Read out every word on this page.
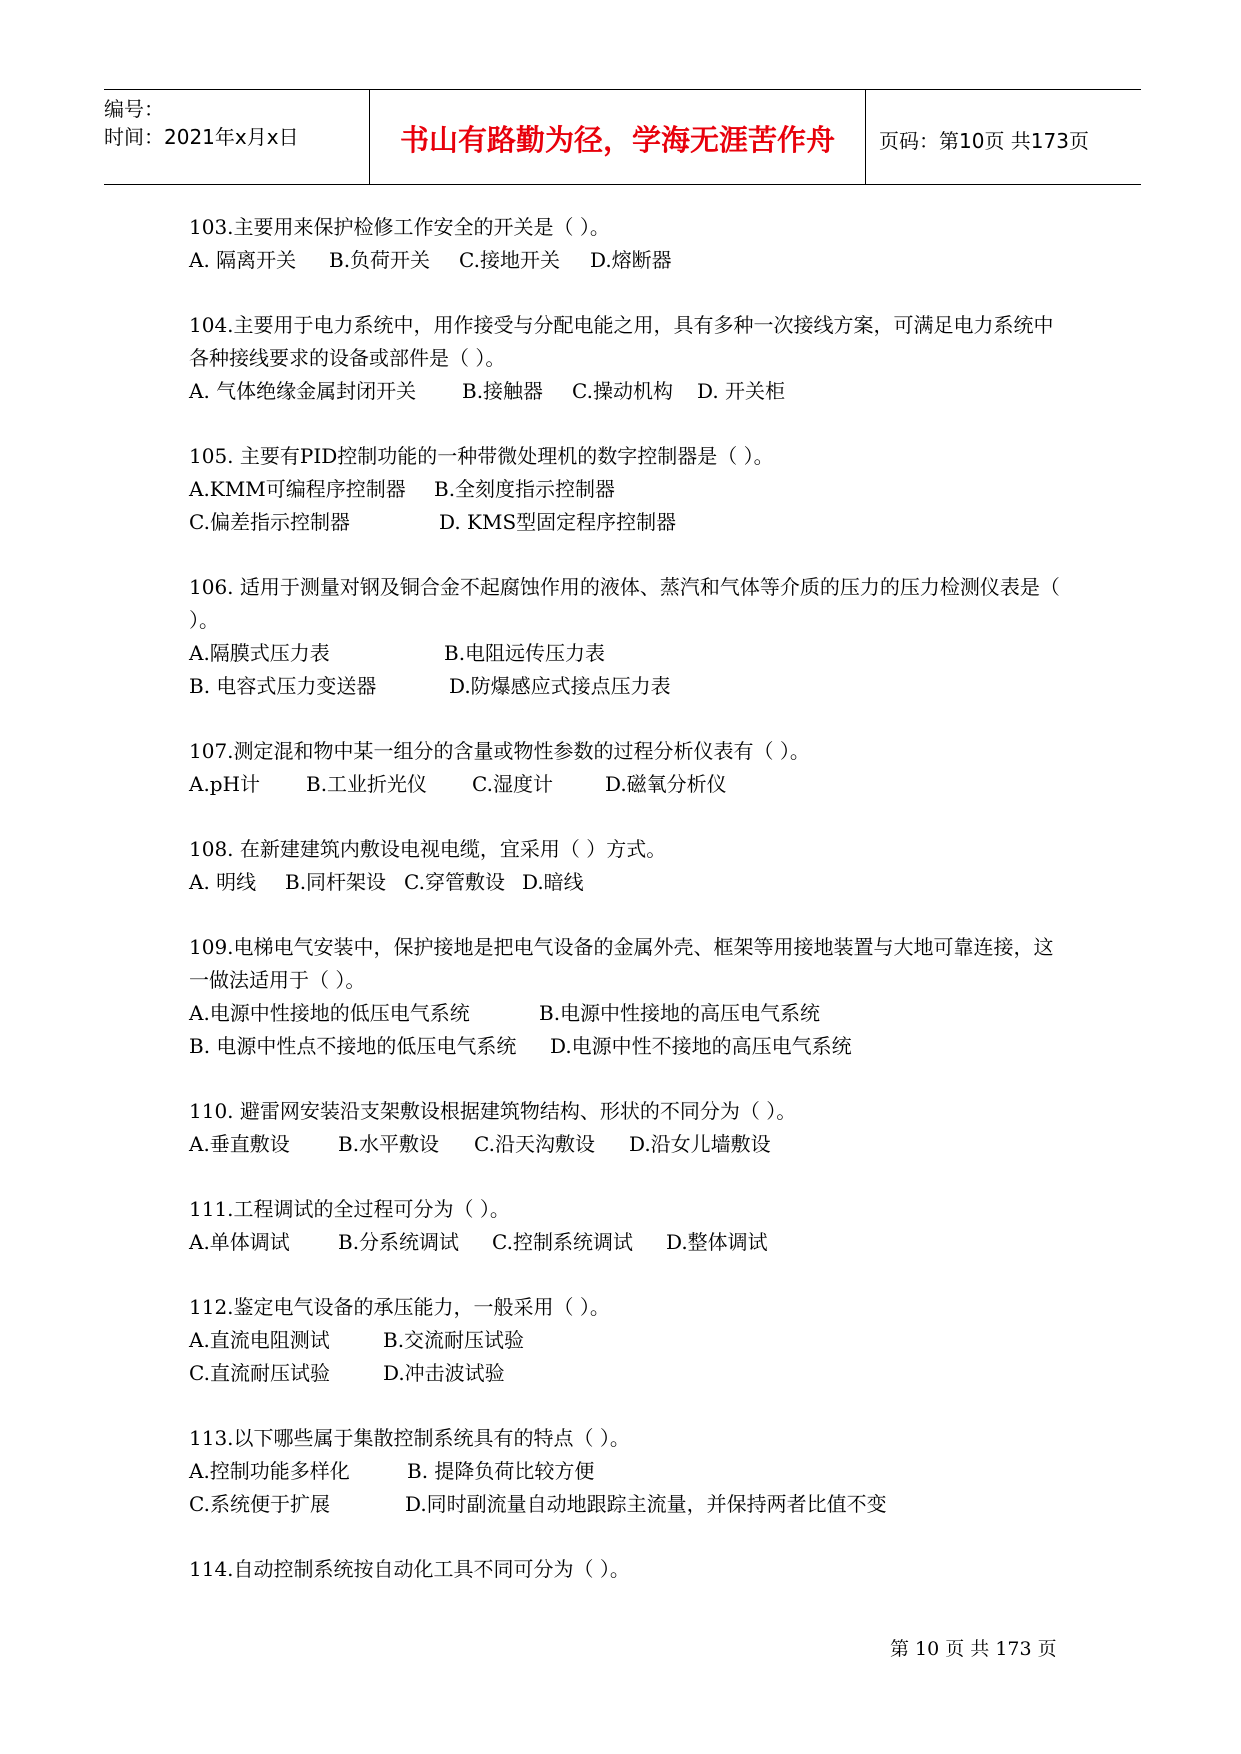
编号：
时间：2021年x月x日	书山有路勤为径，学海无涯苦作舟	页码：第10页 共173页
103.主要用来保护检修工作安全的开关是（ ）。
A. 隔离开关 B.负荷开关 C.接地开关 D.熔断器
104.主要用于电力系统中，用作接受与分配电能之用，具有多种一次接线方案，可满足电力系统中各种接线要求的设备或部件是（ ）。
A. 气体绝缘金属封闭开关 B.接触器 C.操动机构 D. 开关柜
105. 主要有PID控制功能的一种带微处理机的数字控制器是（ ）。
A.KMM可编程序控制器 B.全刻度指示控制器
C.偏差指示控制器	D. KMS型固定程序控制器
106. 适用于测量对钢及铜合金不起腐蚀作用的液体、蒸汽和气体等介质的压力的压力检测仪表是（ ）。
A.隔膜式压力表	B.电阻远传压力表
B. 电容式压力变送器	D.防爆感应式接点压力表
107.测定混和物中某一组分的含量或物性参数的过程分析仪表有（ ）。
A.pH计 B.工业折光仪 C.湿度计	D.磁氧分析仪
108. 在新建建筑内敷设电视电缆，宜采用（ ）方式。
A. 明线 B.同杆架设 C.穿管敷设 D.暗线
109.电梯电气安装中，保护接地是把电气设备的金属外壳、框架等用接地装置与大地可靠连接，这一做法适用于（ ）。
A.电源中性接地的低压电气系统	B.电源中性接地的高压电气系统
B. 电源中性点不接地的低压电气系统 D.电源中性不接地的高压电气系统
110. 避雷网安装沿支架敷设根据建筑物结构、形状的不同分为（ ）。
A.垂直敷设 B.水平敷设 C.沿天沟敷设 D.沿女儿墙敷设
111.工程调试的全过程可分为（ ）。
A.单体调试 B.分系统调试 C.控制系统调试 D.整体调试
112.鉴定电气设备的承压能力，一般采用（ ）。
A.直流电阻测试	B.交流耐压试验
C.直流耐压试验	D.冲击波试验
113.以下哪些属于集散控制系统具有的特点（ ）。
A.控制功能多样化	B. 提降负荷比较方便
C.系统便于扩展	D.同时副流量自动地跟踪主流量，并保持两者比值不变
114.自动控制系统按自动化工具不同可分为（ ）。
第 10 页 共 173 页
